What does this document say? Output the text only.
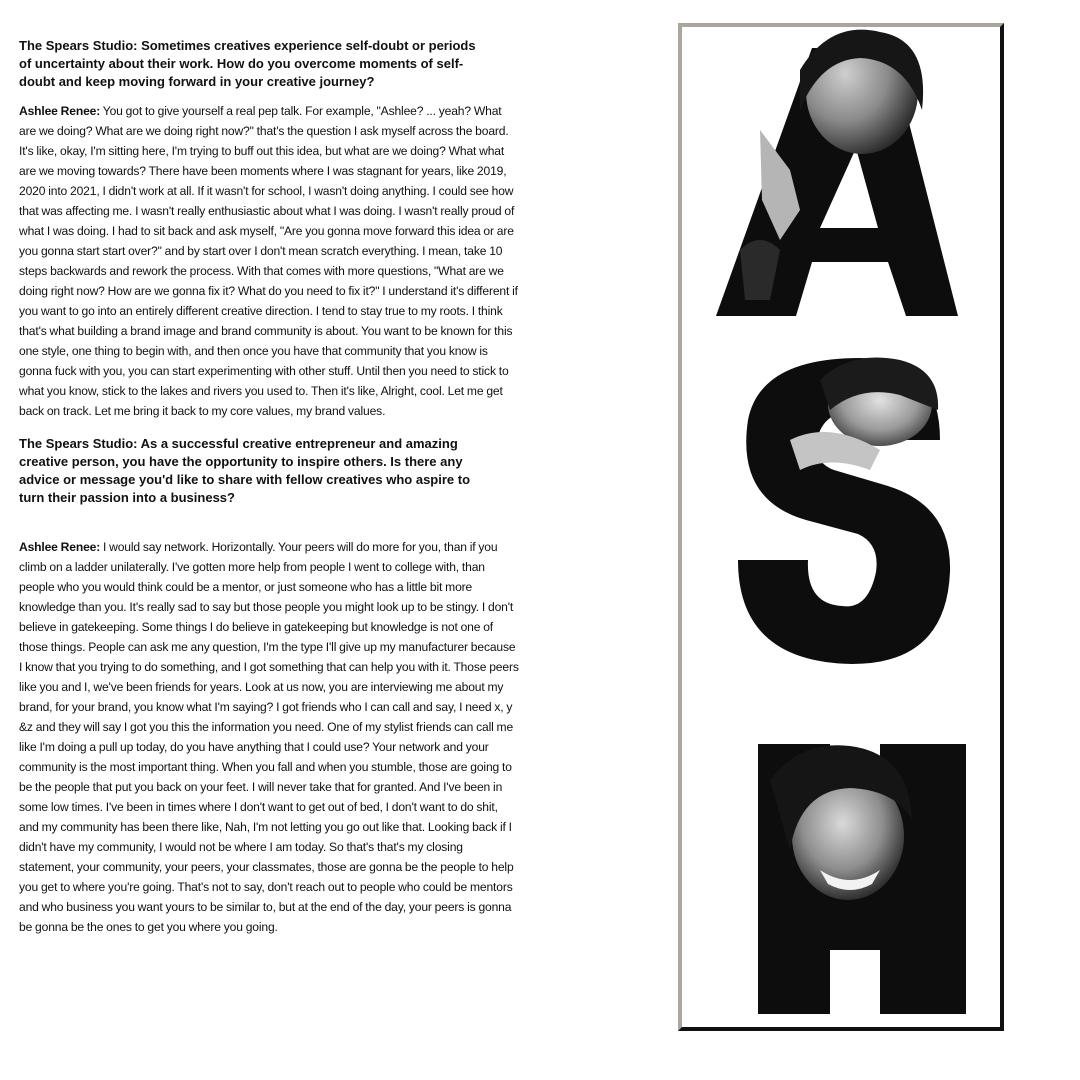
The Spears Studio: Sometimes creatives experience self-doubt or periods of uncertainty about their work. How do you overcome moments of self-doubt and keep moving forward in your creative journey?

Ashlee Renee: You got to give yourself a real pep talk. For example, "Ashlee? ... yeah? What are we doing? What are we doing right now?" that's the question I ask myself across the board. It's like, okay, I'm sitting here, I'm trying to buff out this idea, but what are we doing? What what are we moving towards? There have been moments where I was stagnant for years, like 2019, 2020 into 2021, I didn't work at all. If it wasn't for school, I wasn't doing anything. I could see how that was affecting me. I wasn't really enthusiastic about what I was doing. I wasn't really proud of what I was doing. I had to sit back and ask myself, "Are you gonna move forward this idea or are you gonna start start over?" and by start over I don't mean scratch everything. I mean, take 10 steps backwards and rework the process. With that comes with more questions, "What are we doing right now? How are we gonna fix it? What do you need to fix it?" I understand it's different if you want to go into an entirely different creative direction. I tend to stay true to my roots. I think that's what building a brand image and brand community is about. You want to be known for this one style, one thing to begin with, and then once you have that community that you know is gonna fuck with you, you can start experimenting with other stuff. Until then you need to stick to what you know, stick to the lakes and rivers you used to. Then it's like, Alright, cool. Let me get back on track. Let me bring it back to my core values, my brand values.

The Spears Studio: As a successful creative entrepreneur and amazing creative person, you have the opportunity to inspire others. Is there any advice or message you'd like to share with fellow creatives who aspire to turn their passion into a business?

Ashlee Renee: I would say network. Horizontally. Your peers will do more for you, than if you climb on a ladder unilaterally. I've gotten more help from people I went to college with, than people who you would think could be a mentor, or just someone who has a little bit more knowledge than you. It's really sad to say but those people you might look up to be stingy. I don't believe in gatekeeping. Some things I do believe in gatekeeping but knowledge is not one of those things. People can ask me any question, I'm the type I'll give up my manufacturer because I know that you trying to do something, and I got something that can help you with it. Those peers like you and I, we've been friends for years. Look at us now, you are interviewing me about my brand, for your brand, you know what I'm saying? I got friends who I can call and say, I need x, y &z and they will say I got you this the information you need. One of my stylist friends can call me like I'm doing a pull up today, do you have anything that I could use? Your network and your community is the most important thing. When you fall and when you stumble, those are going to be the people that put you back on your feet. I will never take that for granted. And I've been in some low times. I've been in times where I don't want to get out of bed, I don't want to do shit, and my community has been there like, Nah, I'm not letting you go out like that. Looking back if I didn't have my community, I would not be where I am today. So that's that's my closing statement, your community, your peers, your classmates, those are gonna be the people to help you get to where you're going. That's not to say, don't reach out to people who could be mentors and who business you want yours to be similar to, but at the end of the day, your peers is gonna be gonna be the ones to get you where you going.
